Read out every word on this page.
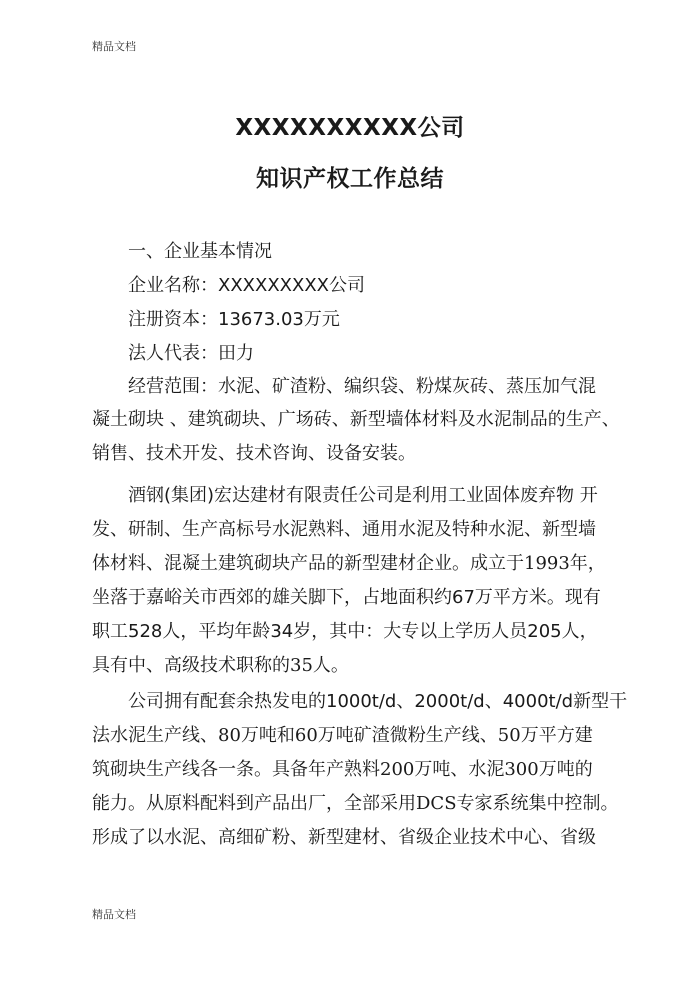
精品文档
XXXXXXXXXX公司
知识产权工作总结
一、企业基本情况
企业名称：XXXXXXXXX公司
注册资本：13673.03万元
法人代表：田力
经营范围：水泥、矿渣粉、编织袋、粉煤灰砖、蒸压加气混
凝土砌块 、建筑砌块、广场砖、新型墙体材料及水泥制品的生产、
销售、技术开发、技术咨询、设备安装。
酒钢(集团)宏达建材有限责任公司是利用工业固体废弃物 开
发、研制、生产高标号水泥熟料、通用水泥及特种水泥、新型墙
体材料、混凝土建筑砌块产品的新型建材企业。成立于1993年，
坐落于嘉峪关市西郊的雄关脚下，占地面积约67万平方米。现有
职工528人，平均年龄34岁，其中：大专以上学历人员205人，
具有中、高级技术职称的35人。
公司拥有配套余热发电的1000t/d、2000t/d、4000t/d新型干
法水泥生产线、80万吨和60万吨矿渣微粉生产线、50万平方建
筑砌块生产线各一条。具备年产熟料200万吨、水泥300万吨的
能力。从原料配料到产品出厂，全部采用DCS专家系统集中控制。
形成了以水泥、高细矿粉、新型建材、省级企业技术中心、省级
精品文档
